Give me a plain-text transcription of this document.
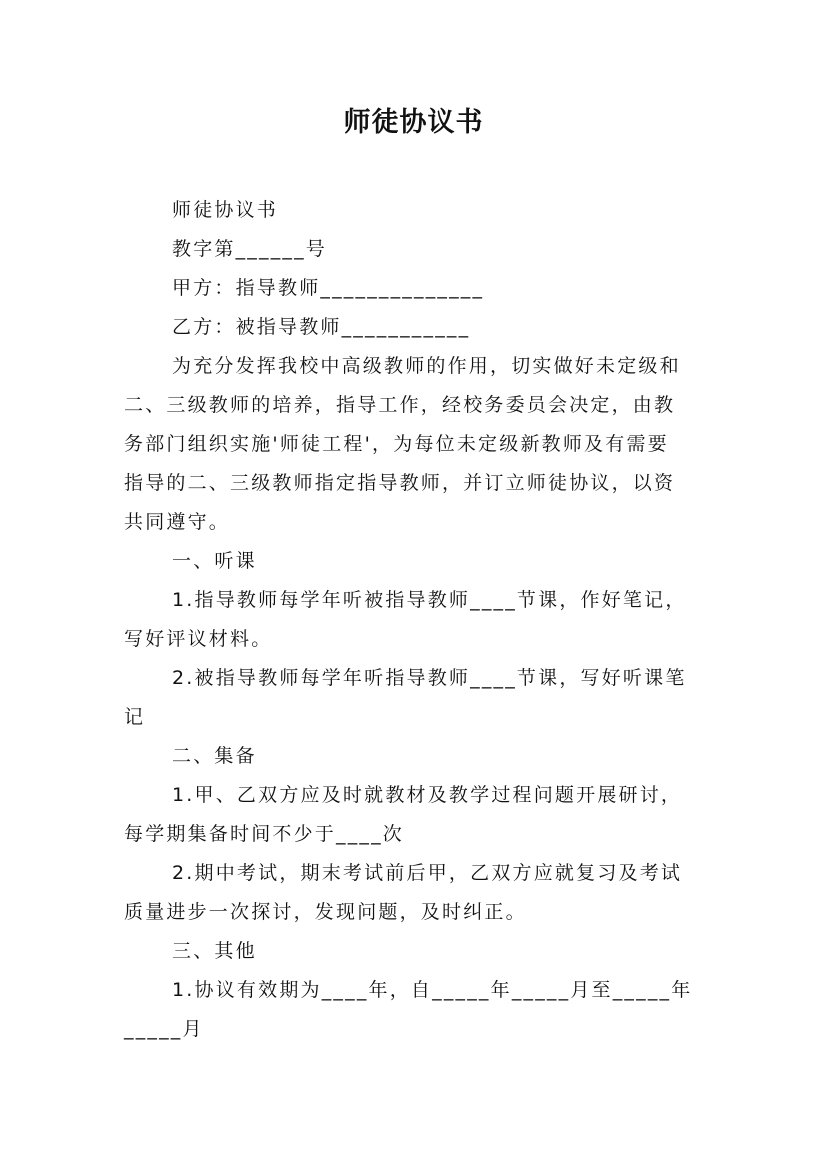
师徒协议书
师徒协议书
教字第______号
甲方：指导教师______________
乙方：被指导教师___________
为充分发挥我校中高级教师的作用，切实做好未定级和
二、三级教师的培养，指导工作，经校务委员会决定，由教
务部门组织实施'师徒工程'，为每位未定级新教师及有需要
指导的二、三级教师指定指导教师，并订立师徒协议，以资
共同遵守。
一、听课
1.指导教师每学年听被指导教师____节课，作好笔记，
写好评议材料。
2.被指导教师每学年听指导教师____节课，写好听课笔
记
二、集备
1.甲、乙双方应及时就教材及教学过程问题开展研讨，
每学期集备时间不少于____次
2.期中考试，期末考试前后甲，乙双方应就复习及考试
质量进步一次探讨，发现问题，及时纠正。
三、其他
1.协议有效期为____年，自_____年_____月至_____年
_____月
